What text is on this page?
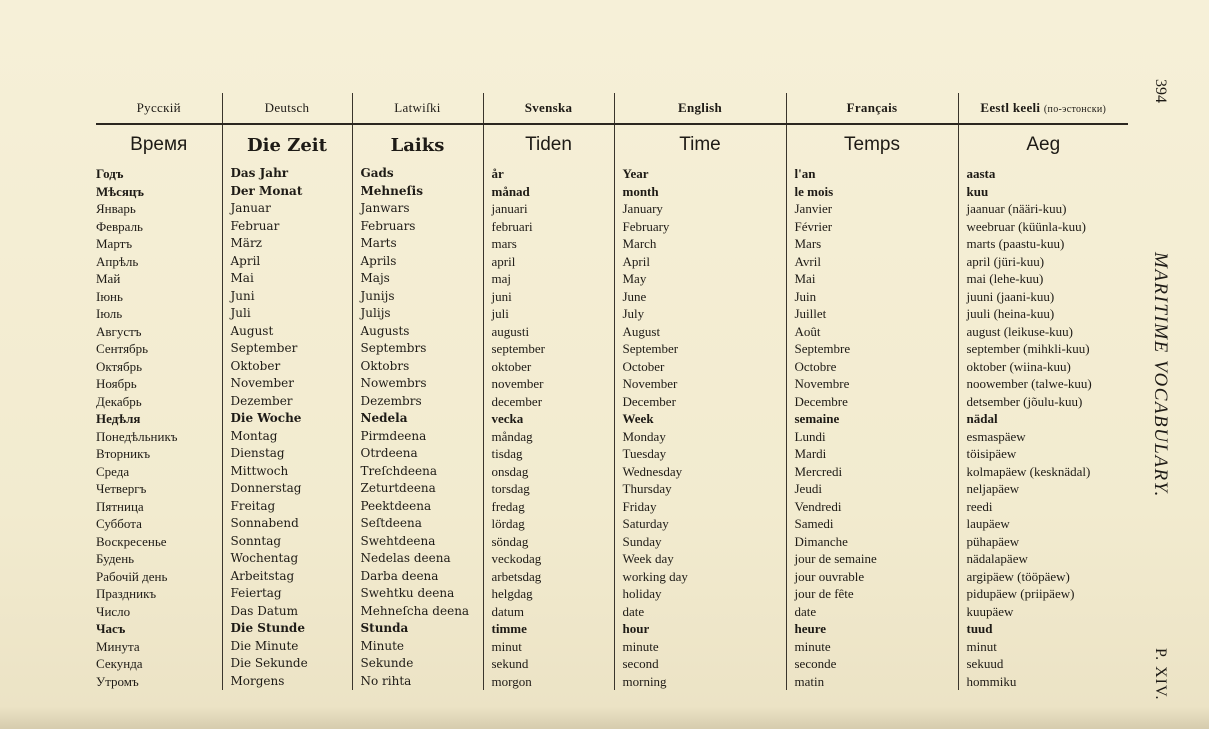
Русскій	Deutsch	Latwiſki	Svenska	English	Français	Eestl keeli (по-эстонски)
Время	Die Zeit	Laiks	Tiden	Time	Temps	Aeg
Годъ	Das Jahr	Gads	år	Year	l'an	aasta
Мѣсяцъ	Der Monat	Mehneſis	månad	month	le mois	kuu
Январь	Januar	Janwars	januari	January	Janvier	jaanuar (nääri-kuu)
Февраль	Februar	Februars	februari	February	Février	weebruar (küünla-kuu)
Мартъ	März	Marts	mars	March	Mars	marts (paastu-kuu)
Апрѣль	April	Aprils	april	April	Avril	april (jüri-kuu)
Май	Mai	Majs	maj	May	Mai	mai (lehe-kuu)
Іюнь	Juni	Junijs	juni	June	Juin	juuni (jaani-kuu)
Іюль	Juli	Julijs	juli	July	Juillet	juuli (heina-kuu)
Августъ	August	Augusts	augusti	August	Août	august (leikuse-kuu)
Сентябрь	September	Septembrs	september	September	Septembre	september (mihkli-kuu)
Октябрь	Oktober	Oktobrs	oktober	October	Octobre	oktober (wiina-kuu)
Ноябрь	November	Nowembrs	november	November	Novembre	noowember (talwe-kuu)
Декабрь	Dezember	Dezembrs	december	December	Decembre	detsember (jõulu-kuu)
Недѣля	Die Woche	Nedela	vecka	Week	semaine	nädal
Понедѣльникъ	Montag	Pirmdeena	måndag	Monday	Lundi	esmaspäew
Вторникъ	Dienstag	Otrdeena	tisdag	Tuesday	Mardi	töisipäew
Среда	Mittwoch	Treſchdeena	onsdag	Wednesday	Mercredi	kolmapäew (kesknädal)
Четвергъ	Donnerstag	Zeturtdeena	torsdag	Thursday	Jeudi	neljapäew
Пятница	Freitag	Peektdeena	fredag	Friday	Vendredi	reedi
Суббота	Sonnabend	Seſtdeena	lördag	Saturday	Samedi	laupäew
Воскресенье	Sonntag	Swehtdeena	söndag	Sunday	Dimanche	pühapäew
Будень	Wochentag	Nedelas deena	veckodag	Week day	jour de semaine	nädalapäew
Рабочій день	Arbeitstag	Darba deena	arbetsdag	working day	jour ouvrable	argipäew (tööpäew)
Праздникъ	Feiertag	Swehtku deena	helgdag	holiday	jour de fête	pidupäew (priipäew)
Число	Das Datum	Mehneſcha deena	datum	date	date	kuupäew
Часъ	Die Stunde	Stunda	timme	hour	heure	tuud
Минута	Die Minute	Minute	minut	minute	minute	minut
Секунда	Die Sekunde	Sekunde	sekund	second	seconde	sekuud
Утромъ	Morgens	No rihta	morgon	morning	matin	hommiku
394
MARITIME VOCABULARY.
P. XIV.
